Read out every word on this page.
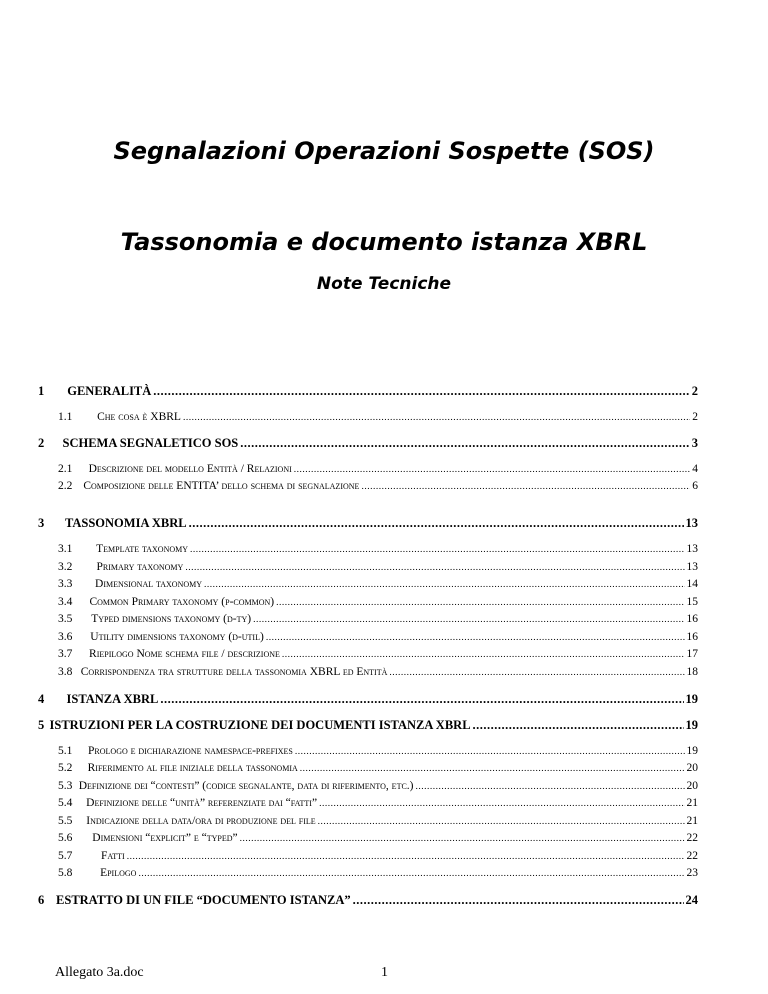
Segnalazioni Operazioni Sospette (SOS)
Tassonomia e documento istanza XBRL
Note Tecniche
1	GENERALITÀ .....	2
1.1	Che cosa è XBRL .....	2
2	SCHEMA SEGNALETICO SOS .....	3
2.1	Descrizione del modello Entità / Relazioni .....	4
2.2 Composizione delle ENTITA’ dello schema di segnalazione .....	6
3	TASSONOMIA XBRL .....	13
3.1	Template taxonomy .....	13
3.2	Primary taxonomy .....	13
3.3	Dimensional taxonomy .....	14
3.4	Common Primary taxonomy (p-common) .....	15
3.5	Typed dimensions taxonomy (d-ty) .....	16
3.6	Utility dimensions taxonomy (d-util) .....	16
3.7	Riepilogo Nome schema file / descrizione .....	17
3.8 Corrispondenza tra strutture della tassonomia XBRL ed Entità .....	18
4	ISTANZA XBRL .....	19
5 ISTRUZIONI PER LA COSTRUZIONE DEI DOCUMENTI ISTANZA XBRL .....	19
5.1	Prologo e dichiarazione namespace-prefixes .....	19
5.2	Riferimento al file iniziale della tassonomia .....	20
5.3 Definizione dei “contesti” (codice segnalante, data di riferimento, etc.) .....	20
5.4	Definizione delle “unità” referenziate dai “fatti” .....	21
5.5	Indicazione della data/ora di produzione del file .....	21
5.6	Dimensioni “explicit” e “typed” .....	22
5.7	Fatti .....	22
5.8	Epilogo .....	23
6 ESTRATTO DI UN FILE “DOCUMENTO ISTANZA” .....	24
Allegato 3a.doc	1
